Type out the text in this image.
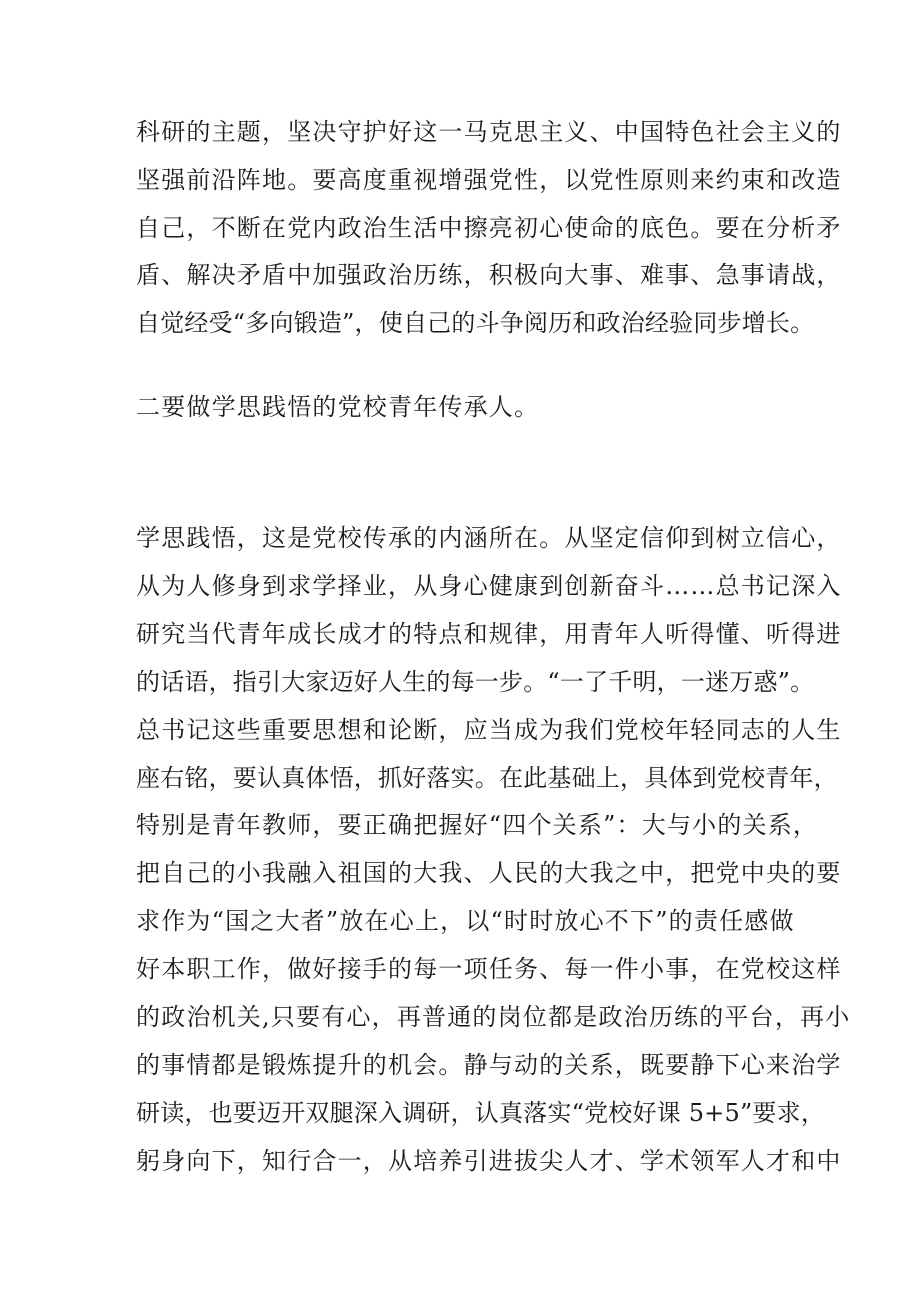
科研的主题，坚决守护好这一马克思主义、中国特色社会主义的
坚强前沿阵地。要高度重视增强党性，以党性原则来约束和改造
自己，不断在党内政治生活中擦亮初心使命的底色。要在分析矛
盾、解决矛盾中加强政治历练，积极向大事、难事、急事请战，
自觉经受“多向锻造”，使自己的斗争阅历和政治经验同步增长。
二要做学思践悟的党校青年传承人。
学思践悟，这是党校传承的内涵所在。从坚定信仰到树立信心，
从为人修身到求学择业，从身心健康到创新奋斗……总书记深入
研究当代青年成长成才的特点和规律，用青年人听得懂、听得进
的话语，指引大家迈好人生的每一步。“一了千明，一迷万惑”。
总书记这些重要思想和论断，应当成为我们党校年轻同志的人生
座右铭，要认真体悟，抓好落实。在此基础上，具体到党校青年，
特别是青年教师，要正确把握好“四个关系”：大与小的关系，
把自己的小我融入祖国的大我、人民的大我之中，把党中央的要
求作为“国之大者”放在心上，以“时时放心不下”的责任感做
好本职工作，做好接手的每一项任务、每一件小事，在党校这样
的政治机关,只要有心，再普通的岗位都是政治历练的平台，再小
的事情都是锻炼提升的机会。静与动的关系，既要静下心来治学
研读，也要迈开双腿深入调研，认真落实“党校好课 5+5”要求，
躬身向下，知行合一，从培养引进拔尖人才、学术领军人才和中
